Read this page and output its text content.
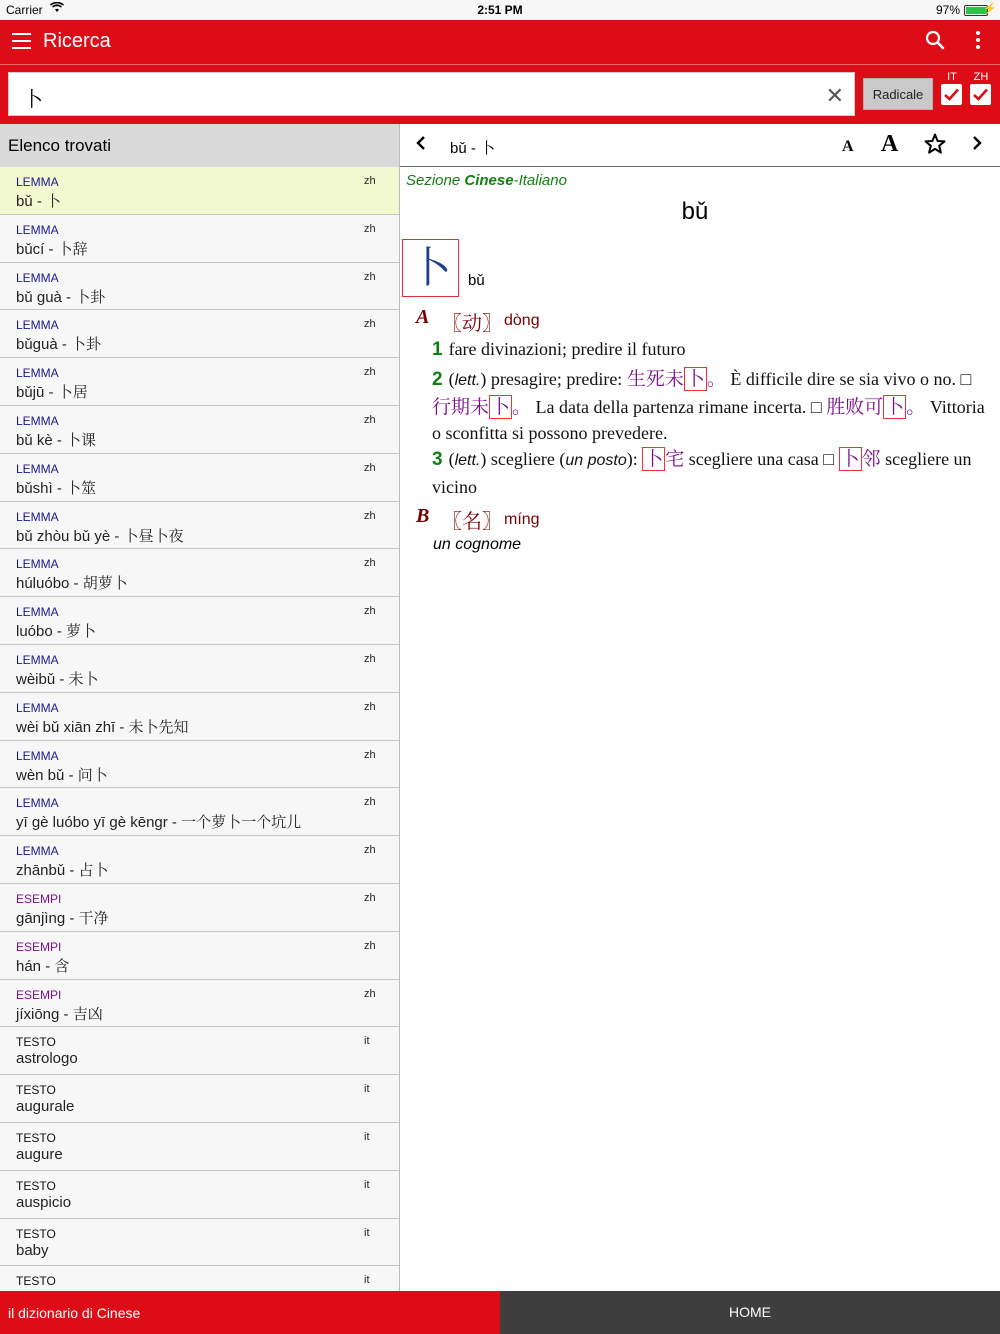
Carrier	2:51 PM	97% ⚡
Ricerca
卜	✕	Radicale
IT	ZH
Elenco trovati
LEMMA	zh
bǔ - 卜
LEMMA	zh
bǔcí - 卜辞
LEMMA	zh
bǔ guà - 卜卦
LEMMA	zh
bǔguà - 卜卦
LEMMA	zh
bǔjū - 卜居
LEMMA	zh
bǔ kè - 卜课
LEMMA	zh
bǔshì - 卜筮
LEMMA	zh
bǔ zhòu bǔ yè - 卜昼卜夜
LEMMA	zh
húluóbo - 胡萝卜
LEMMA	zh
luóbo - 萝卜
LEMMA	zh
wèibǔ - 未卜
LEMMA	zh
wèi bǔ xiān zhī - 未卜先知
LEMMA	zh
wèn bǔ - 问卜
LEMMA	zh
yī gè luóbo yī gè kēngr - 一个萝卜一个坑儿
LEMMA	zh
zhānbǔ - 占卜
ESEMPI	zh
gānjìng - 干净
ESEMPI	zh
hán - 含
ESEMPI	zh
jíxiōng - 吉凶
TESTO	it
astrologo
TESTO	it
augurale
TESTO	it
augure
TESTO	it
auspicio
TESTO	it
baby
TESTO	it
bǔ - 卜	A A
Sezione Cinese-Italiano
bǔ
卜	bǔ
A 〖动〗 dòng
1 fare divinazioni; predire il futuro
2 (lett.) presagire; predire: 生死未 卜 。 È difficile dire se sia vivo o no. □ 行期未 卜 。 La data della partenza rimane incerta. □ 胜败可 卜 。 Vittoria o sconfitta si possono prevedere.
3 (lett.) scegliere (un posto): 卜 宅 scegliere una casa □ 卜 邻 scegliere un vicino
B 〖名〗 míng
un cognome
il dizionario di Cinese	HOME
